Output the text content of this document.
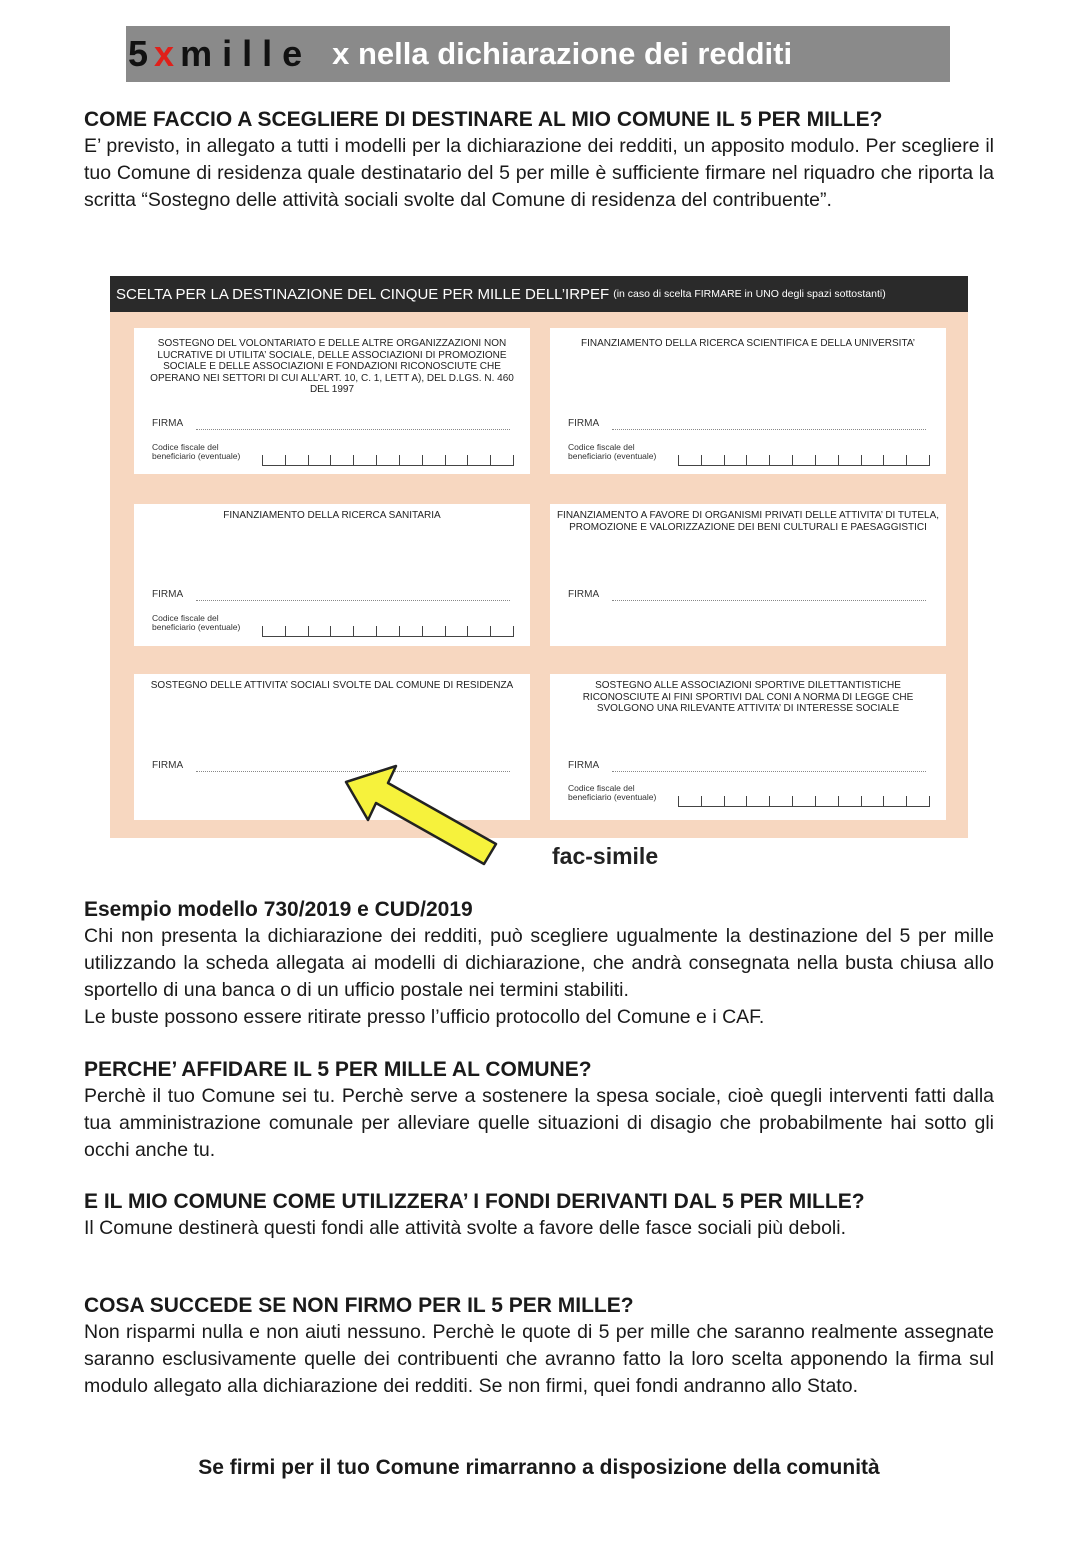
5 x mille x nella dichiarazione dei redditi
COME FACCIO A SCEGLIERE DI DESTINARE AL MIO COMUNE IL 5 PER MILLE?
E’ previsto, in allegato a tutti i modelli per la dichiarazione dei redditi, un apposito modulo. Per scegliere il tuo Comune di residenza quale destinatario del 5 per mille è sufficiente firmare nel riquadro che riporta la scritta “Sostegno delle attività sociali svolte dal Comune di residenza del contribuente”.
SCELTA PER LA DESTINAZIONE DEL CINQUE PER MILLE DELL’IRPEF (in caso di scelta FIRMARE in UNO degli spazi sottostanti)
SOSTEGNO DEL VOLONTARIATO E DELLE ALTRE ORGANIZZAZIONI NON LUCRATIVE DI UTILITA’ SOCIALE, DELLE ASSOCIAZIONI DI PROMOZIONE SOCIALE E DELLE ASSOCIAZIONI E FONDAZIONI RICONOSCIUTE CHE OPERANO NEI SETTORI DI CUI ALL’ART. 10, C. 1, LETT A), DEL D.LGS. N. 460 DEL 1997
FIRMA
Codice fiscale del beneficiario (eventuale)
FINANZIAMENTO DELLA RICERCA SCIENTIFICA E DELLA UNIVERSITA’
FIRMA
Codice fiscale del beneficiario (eventuale)
FINANZIAMENTO DELLA RICERCA SANITARIA
FIRMA
Codice fiscale del beneficiario (eventuale)
FINANZIAMENTO A FAVORE DI ORGANISMI PRIVATI DELLE ATTIVITA’ DI TUTELA, PROMOZIONE E VALORIZZAZIONE DEI BENI CULTURALI E PAESAGGISTICI
FIRMA
SOSTEGNO DELLE ATTIVITA’ SOCIALI SVOLTE DAL COMUNE DI RESIDENZA
FIRMA
SOSTEGNO ALLE ASSOCIAZIONI SPORTIVE DILETTANTISTICHE RICONOSCIUTE AI FINI SPORTIVI DAL CONI A NORMA DI LEGGE CHE SVOLGONO UNA RILEVANTE ATTIVITA’ DI INTERESSE SOCIALE
FIRMA
Codice fiscale del beneficiario (eventuale)
fac-simile
Esempio modello 730/2019 e CUD/2019
Chi non presenta la dichiarazione dei redditi, può scegliere ugualmente la destinazione del 5 per mille utilizzando la scheda allegata ai modelli di dichiarazione, che andrà consegnata nella busta chiusa allo sportello di una banca o di un ufficio postale nei termini stabiliti.
Le buste possono essere ritirate presso l’ufficio protocollo del Comune e i CAF.
PERCHE’ AFFIDARE IL 5 PER MILLE AL COMUNE?
Perchè il tuo Comune sei tu. Perchè serve a sostenere la spesa sociale, cioè quegli interventi fatti dalla tua amministrazione comunale per alleviare quelle situazioni di disagio che probabilmente hai sotto gli occhi anche tu.
E IL MIO COMUNE COME UTILIZZERA’ I FONDI DERIVANTI DAL 5 PER MILLE?
Il Comune destinerà questi fondi alle attività svolte a favore delle fasce sociali più deboli.
COSA SUCCEDE SE NON FIRMO PER IL 5 PER MILLE?
Non risparmi nulla e non aiuti nessuno. Perchè le quote di 5 per mille che saranno realmente assegnate saranno esclusivamente quelle dei contribuenti che avranno fatto la loro scelta apponendo la firma sul modulo allegato alla dichiarazione dei redditi. Se non firmi, quei fondi andranno allo Stato.
Se firmi per il tuo Comune rimarranno a disposizione della comunità
